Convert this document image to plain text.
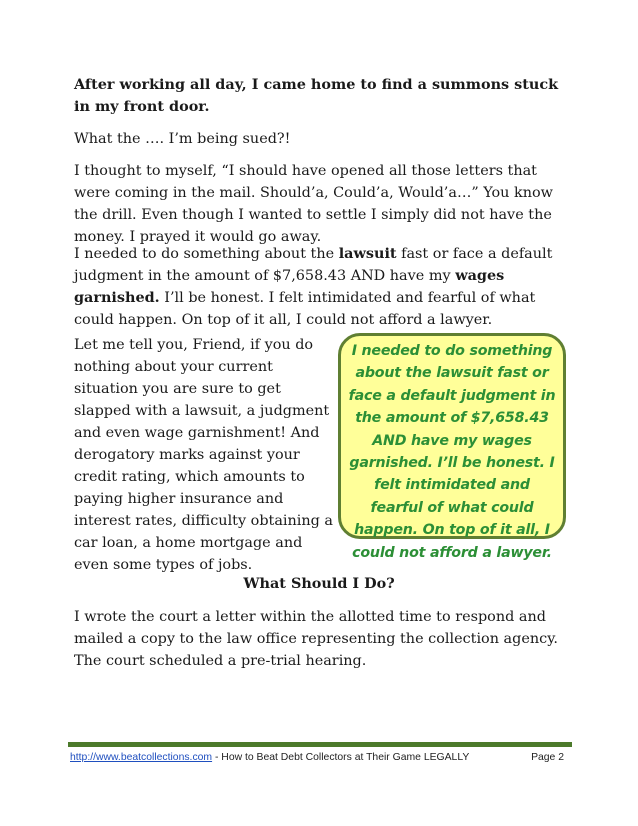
After working all day, I came home to find a summons stuck in my front door.

What the …. I’m being sued?!

I thought to myself, “I should have opened all those letters that were coming in the mail. Should’a, Could’a, Would’a…” You know the drill. Even though I wanted to settle I simply did not have the money. I prayed it would go away.

I needed to do something about the lawsuit fast or face a default judgment in the amount of $7,658.43 AND have my wages garnished. I’ll be honest. I felt intimidated and fearful of what could happen. On top of it all, I could not afford a lawyer.

Let me tell you, Friend, if you do nothing about your current situation you are sure to get slapped with a lawsuit, a judgment and even wage garnishment! And derogatory marks against your credit rating, which amounts to paying higher insurance and interest rates, difficulty obtaining a car loan, a home mortgage and even some types of jobs.

I needed to do something about the lawsuit fast or face a default judgment in the amount of $7,658.43 AND have my wages garnished. I’ll be honest. I felt intimidated and fearful of what could happen. On top of it all, I could not afford a lawyer.
What Should I Do?

I wrote the court a letter within the allotted time to respond and mailed a copy to the law office representing the collection agency. The court scheduled a pre-trial hearing.

http://www.beatcollections.com - How to Beat Debt Collectors at Their Game LEGALLY	Page 2
